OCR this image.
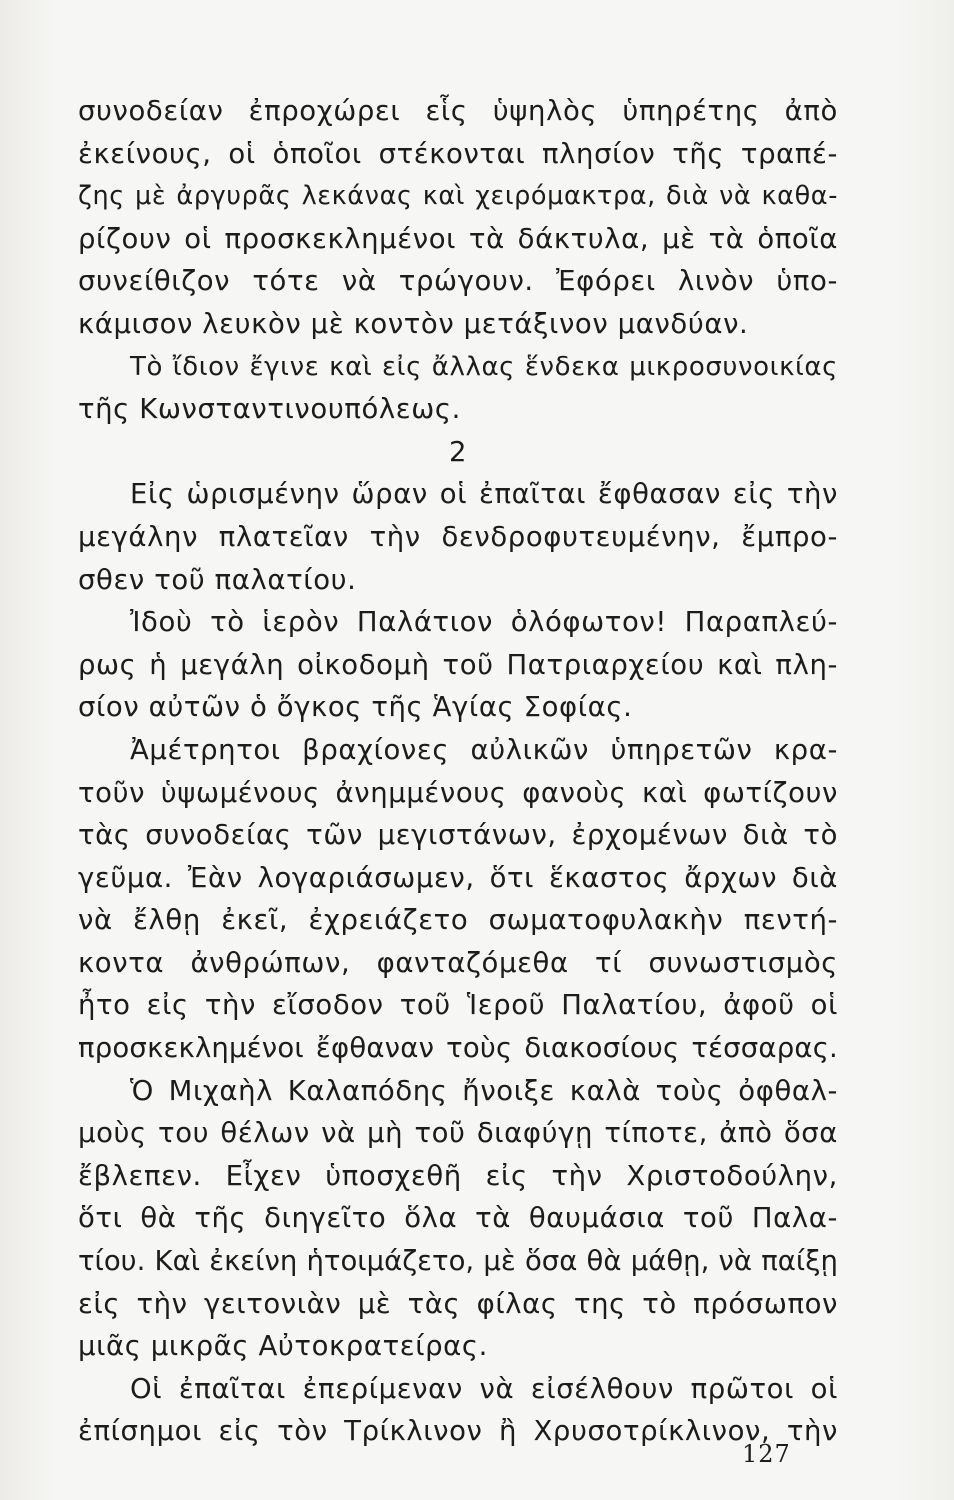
συνοδείαν ἐπροχώρει εἷς ὑψηλὸς ὑπηρέτης ἀπὸ
ἐκείνους, οἱ ὁποῖοι στέκονται πλησίον τῆς τραπέ-
ζης μὲ ἀργυρᾶς λεκάνας καὶ χειρόμακτρα, διὰ νὰ καθα-
ρίζουν οἱ προσκεκλημένοι τὰ δάκτυλα, μὲ τὰ ὁποῖα
συνείθιζον τότε νὰ τρώγουν. Ἐφόρει λινὸν ὑπο-
κάμισον λευκὸν μὲ κοντὸν μετάξινον μανδύαν.
Τὸ ἴδιον ἔγινε καὶ εἰς ἄλλας ἕνδεκα μικροσυνοικίας
τῆς Κωνσταντινουπόλεως.
2
Εἰς ὡρισμένην ὥραν οἱ ἐπαῖται ἔφθασαν εἰς τὴν
μεγάλην πλατεῖαν τὴν δενδροφυτευμένην, ἔμπρο-
σθεν τοῦ παλατίου.
Ἰδοὺ τὸ ἱερὸν Παλάτιον ὁλόφωτον! Παραπλεύ-
ρως ἡ μεγάλη οἰκοδομὴ τοῦ Πατριαρχείου καὶ πλη-
σίον αὐτῶν ὁ ὄγκος τῆς Ἁγίας Σοφίας.
Ἀμέτρητοι βραχίονες αὐλικῶν ὑπηρετῶν κρα-
τοῦν ὑψωμένους ἀνημμένους φανοὺς καὶ φωτίζουν
τὰς συνοδείας τῶν μεγιστάνων, ἐρχομένων διὰ τὸ
γεῦμα. Ἐὰν λογαριάσωμεν, ὅτι ἕκαστος ἄρχων διὰ
νὰ ἔλθῃ ἐκεῖ, ἐχρειάζετο σωματοφυλακὴν πεντή-
κοντα ἀνθρώπων, φανταζόμεθα τί συνωστισμὸς
ἦτο εἰς τὴν εἴσοδον τοῦ Ἱεροῦ Παλατίου, ἀφοῦ οἱ
προσκεκλημένοι ἔφθαναν τοὺς διακοσίους τέσσαρας.
Ὁ Μιχαὴλ Καλαπόδης ἤνοιξε καλὰ τοὺς ὀφθαλ-
μοὺς του θέλων νὰ μὴ τοῦ διαφύγῃ τίποτε, ἀπὸ ὅσα
ἔβλεπεν. Εἶχεν ὑποσχεθῆ εἰς τὴν Χριστοδούλην,
ὅτι θὰ τῆς διηγεῖτο ὅλα τὰ θαυμάσια τοῦ Παλα-
τίου. Καὶ ἐκείνη ἡτοιμάζετο, μὲ ὅσα θὰ μάθῃ, νὰ παίξῃ
εἰς τὴν γειτονιὰν μὲ τὰς φίλας της τὸ πρόσωπον
μιᾶς μικρᾶς Αὐτοκρατείρας.
Οἱ ἐπαῖται ἐπερίμεναν νὰ εἰσέλθουν πρῶτοι οἱ
ἐπίσημοι εἰς τὸν Τρίκλινον ἢ Χρυσοτρίκλινον, τὴν
127
